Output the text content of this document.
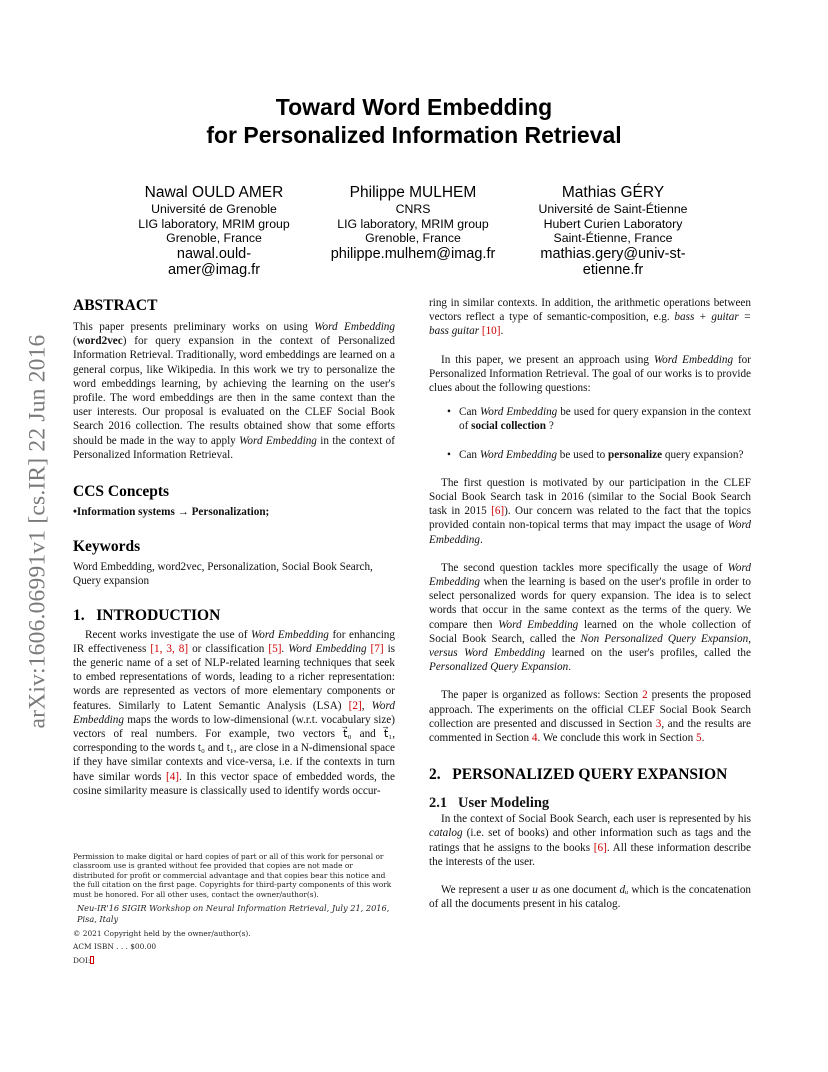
arXiv:1606.06991v1 [cs.IR] 22 Jun 2016
Toward Word Embedding
for Personalized Information Retrieval
Nawal OULD AMER
Université de Grenoble
LIG laboratory, MRIM group
Grenoble, France
nawal.ould-
amer@imag.fr
Philippe MULHEM
CNRS
LIG laboratory, MRIM group
Grenoble, France
philippe.mulhem@imag.fr
Mathias GÉRY
Université de Saint-Étienne
Hubert Curien Laboratory
Saint-Étienne, France
mathias.gery@univ-st-
etienne.fr
ABSTRACT

This paper presents preliminary works on using Word Embedding (word2vec) for query expansion in the context of Personalized Information Retrieval. Traditionally, word embeddings are learned on a general corpus, like Wikipedia. In this work we try to personalize the word embeddings learning, by achieving the learning on the user's profile. The word embeddings are then in the same context than the user interests. Our proposal is evaluated on the CLEF Social Book Search 2016 collection. The results obtained show that some efforts should be made in the way to apply Word Embedding in the context of Personalized Information Retrieval.

CCS Concepts

•Information systems → Personalization;

Keywords

Word Embedding, word2vec, Personalization, Social Book Search, Query expansion

1.   INTRODUCTION

Recent works investigate the use of Word Embedding for enhancing IR effectiveness [1, 3, 8] or classification [5]. Word Embedding [7] is the generic name of a set of NLP-related learning techniques that seek to embed representations of words, leading to a richer representation: words are represented as vectors of more elementary components or features. Similarly to Latent Semantic Analysis (LSA) [2], Word Embedding maps the words to low-dimensional (w.r.t. vocabulary size) vectors of real numbers. For example, two vectors t⃗₀ and t⃗₁, corresponding to the words t₀ and t₁, are close in a N-dimensional space if they have similar contexts and vice-versa, i.e. if the contexts in turn have similar words [4]. In this vector space of embedded words, the cosine similarity measure is classically used to identify words occur-

Permission to make digital or hard copies of part or all of this work for personal or classroom use is granted without fee provided that copies are not made or distributed for profit or commercial advantage and that copies bear this notice and the full citation on the first page. Copyrights for third-party components of this work must be honored. For all other uses, contact the owner/author(s).

Neu-IR'16 SIGIR Workshop on Neural Information Retrieval, July 21, 2016, Pisa, Italy

© 2021 Copyright held by the owner/author(s).

ACM ISBN . . . $00.00

DOI:

ring in similar contexts. In addition, the arithmetic operations between vectors reflect a type of semantic-composition, e.g. bass + guitar = bass guitar [10].

In this paper, we present an approach using Word Embedding for Personalized Information Retrieval. The goal of our works is to provide clues about the following questions:

• Can Word Embedding be used for query expansion in the context of social collection ?
• Can Word Embedding be used to personalize query expansion?

The first question is motivated by our participation in the CLEF Social Book Search task in 2016 (similar to the Social Book Search task in 2015 [6]). Our concern was related to the fact that the topics provided contain non-topical terms that may impact the usage of Word Embedding.

The second question tackles more specifically the usage of Word Embedding when the learning is based on the user's profile in order to select personalized words for query expansion. The idea is to select words that occur in the same context as the terms of the query. We compare then Word Embedding learned on the whole collection of Social Book Search, called the Non Personalized Query Expansion, versus Word Embedding learned on the user's profiles, called the Personalized Query Expansion.

The paper is organized as follows: Section 2 presents the proposed approach. The experiments on the official CLEF Social Book Search collection are presented and discussed in Section 3, and the results are commented in Section 4. We conclude this work in Section 5.

2.   PERSONALIZED QUERY EXPANSION
2.1   User Modeling

In the context of Social Book Search, each user is represented by his catalog (i.e. set of books) and other information such as tags and the ratings that he assigns to the books [6]. All these information describe the interests of the user.

We represent a user u as one document dᵤ which is the concatenation of all the documents present in his catalog.
